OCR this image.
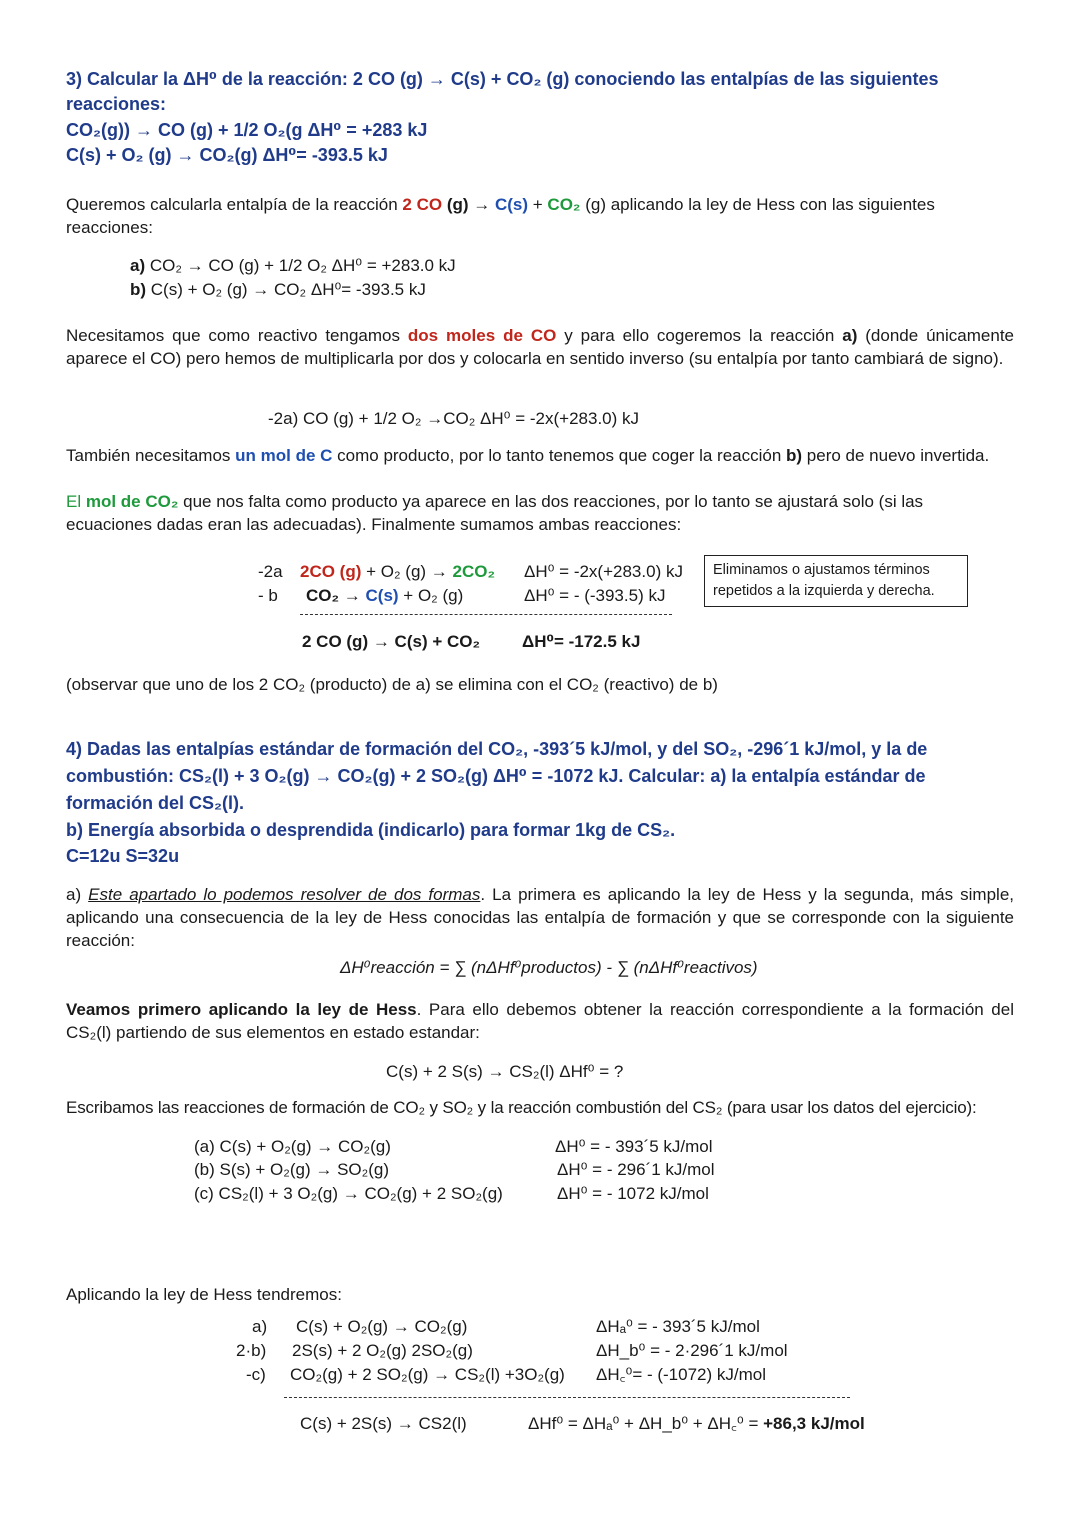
3) Calcular la ΔH⁰ de la reacción: 2 CO (g) → C(s) + CO₂ (g) conociendo las entalpías de las siguientes
reacciones:
CO₂(g)) → CO (g) + 1/2 O₂(g ΔH⁰ = +283 kJ
C(s) + O₂ (g) → CO₂(g) ΔH⁰= -393.5 kJ
Queremos calcularla entalpía de la reacción 2 CO (g) → C(s) + CO₂ (g) aplicando la ley de Hess con las siguientes
reacciones:
a) CO₂ → CO (g) + 1/2 O₂ ΔH⁰ = +283.0 kJ
b) C(s) + O₂ (g) → CO₂ ΔH⁰= -393.5 kJ
Necesitamos que como reactivo tengamos dos moles de CO y para ello cogeremos la reacción a) (donde únicamente aparece el CO) pero hemos de multiplicarla por dos y colocarla en sentido inverso (su entalpía por tanto cambiará de signo).
-2a) CO (g) + 1/2 O₂ →CO₂ ΔH⁰ = -2x(+283.0) kJ
También necesitamos un mol de C como producto, por lo tanto tenemos que coger la reacción b) pero de nuevo invertida.
El mol de CO₂ que nos falta como producto ya aparece en las dos reacciones, por lo tanto se ajustará solo (si las
ecuaciones dadas eran las adecuadas). Finalmente sumamos ambas reacciones:
-2a 2CO (g) + O₂ (g) → 2CO₂ ΔH⁰ = -2x(+283.0) kJ
- b CO₂ → C(s) + O₂ (g)	ΔH⁰ = - (-393.5) kJ
Eliminamos o ajustamos términos repetidos a la izquierda y derecha.
2 CO (g) → C(s) + CO₂ ΔH⁰= -172.5 kJ
(observar que uno de los 2 CO₂ (producto) de a) se elimina con el CO₂ (reactivo) de b)
4) Dadas las entalpías estándar de formación del CO₂, -393´5 kJ/mol, y del SO₂, -296´1 kJ/mol, y la de
combustión: CS₂(l) + 3 O₂(g) → CO₂(g) + 2 SO₂(g) ΔH⁰ = -1072 kJ. Calcular: a) la entalpía estándar de
formación del CS₂(l).
b) Energía absorbida o desprendida (indicarlo) para formar 1kg de CS₂.
C=12u S=32u
a) Este apartado lo podemos resolver de dos formas. La primera es aplicando la ley de Hess y la segunda, más simple, aplicando una consecuencia de la ley de Hess conocidas las entalpía de formación y que se corresponde con la siguiente reacción:
ΔH⁰reacción = ∑ (nΔHf⁰productos) - ∑ (nΔHf⁰reactivos)
Veamos primero aplicando la ley de Hess. Para ello debemos obtener la reacción correspondiente a la formación del CS₂(l) partiendo de sus elementos en estado estandar:
C(s) + 2 S(s) → CS₂(l) ΔHf⁰ = ?
Escribamos las reacciones de formación de CO₂ y SO₂ y la reacción combustión del CS₂ (para usar los datos del ejercicio):
(a) C(s) + O₂(g) → CO₂(g)
(b) S(s) + O₂(g) → SO₂(g)
(c) CS₂(l) + 3 O₂(g) → CO₂(g) + 2 SO₂(g)
ΔH⁰ = - 393´5 kJ/mol
ΔH⁰ = - 296´1 kJ/mol
ΔH⁰ = - 1072 kJ/mol
Aplicando la ley de Hess tendremos:
a)
2·b)
-c)
C(s) + O₂(g) → CO₂(g)
2S(s) + 2 O₂(g) 2SO₂(g)
CO₂(g) + 2 SO₂(g) → CS₂(l) +3O₂(g)
ΔHₐ⁰ = - 393´5 kJ/mol
ΔH_b⁰ = - 2·296´1 kJ/mol
ΔH꜀⁰= - (-1072) kJ/mol
C(s) + 2S(s) → CS2(l)	ΔHf⁰ = ΔHₐ⁰ + ΔH_b⁰ + ΔH꜀⁰ = +86,3 kJ/mol
